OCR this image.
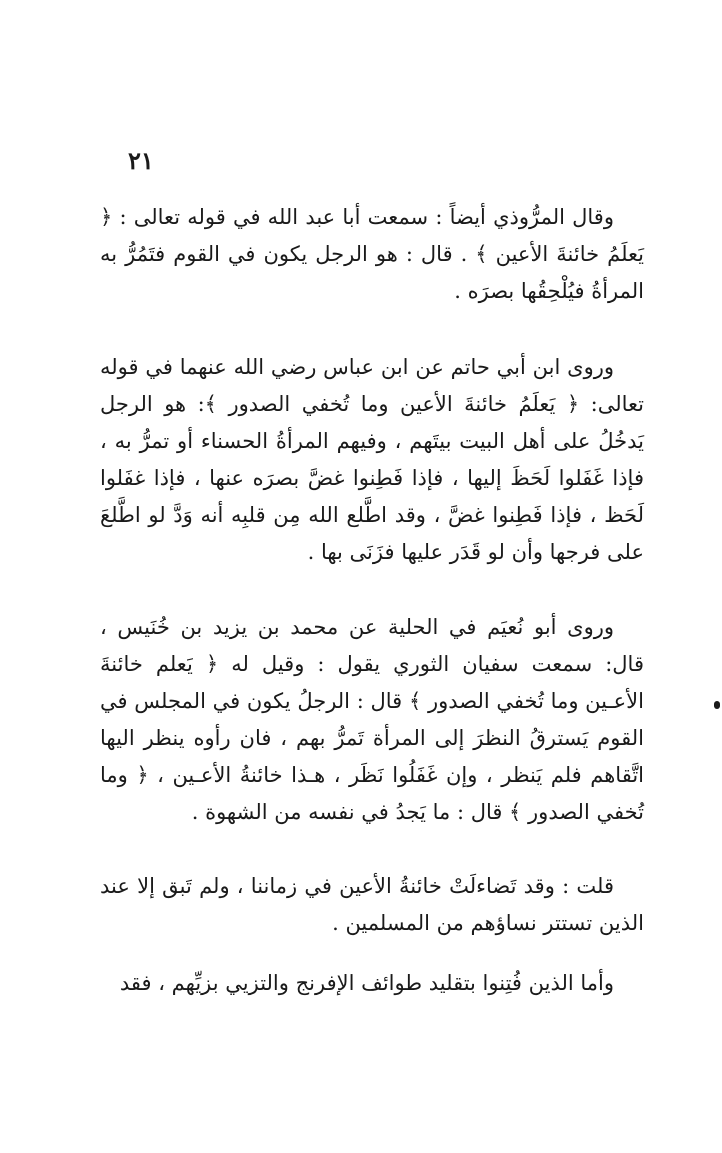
٢١

وقال المرُّوذي أيضاً : سمعت أبا عبد الله في قوله تعالى : ﴿ يَعلَمُ خائنةَ الأعين ﴾ . قال : هو الرجل يكون في القوم فتَمُرُّ به المرأةُ فيُلْحِقُها بصرَه .

وروى ابن أبي حاتم عن ابن عباس رضي الله عنهما في قوله تعالى: ﴿ يَعلَمُ خائنةَ الأعين وما تُخفي الصدور ﴾: هو الرجل يَدخُلُ على أهل البيت بيتَهم ، وفيهم المرأةُ الحسناء أو تمرُّ به ، فإذا غَفَلوا لَحَظَ إليها ، فإذا فَطِنوا غضَّ بصرَه عنها ، فإذا غفَلوا لَحَظ ، فإذا فَطِنوا غضَّ ، وقد اطَّلع الله مِن قلبِه أنه وَدَّ لو اطَّلعَ على فرجها وأن لو قَدَر عليها فزَنَى بها .

وروى أبو نُعيَم في الحلية عن محمد بن يزيد بن خُنَيس ، قال: سمعت سفيان الثوري يقول : وقيل له ﴿ يَعلم خائنةَ الأعـين وما تُخفي الصدور ﴾ قال : الرجلُ يكون في المجلس في القوم يَسترقُ النظرَ إلى المرأة تَمرُّ بهم ، فان رأوه ينظر اليها اتَّقاهم فلم يَنظر ، وإن غَفَلُوا نَظَر ، هـذا خائنةُ الأعـين ، ﴿ وما تُخفي الصدور ﴾ قال : ما يَجدُ في نفسه من الشهوة .

قلت : وقد تَضاءلَتْ خائنةُ الأعين في زماننا ، ولم تَبق إلا عند الذين تستتر نساؤهم من المسلمين .

وأما الذين فُتِنوا بتقليد طوائف الإفرنج والتزيي بزيِّهم ، فقد
